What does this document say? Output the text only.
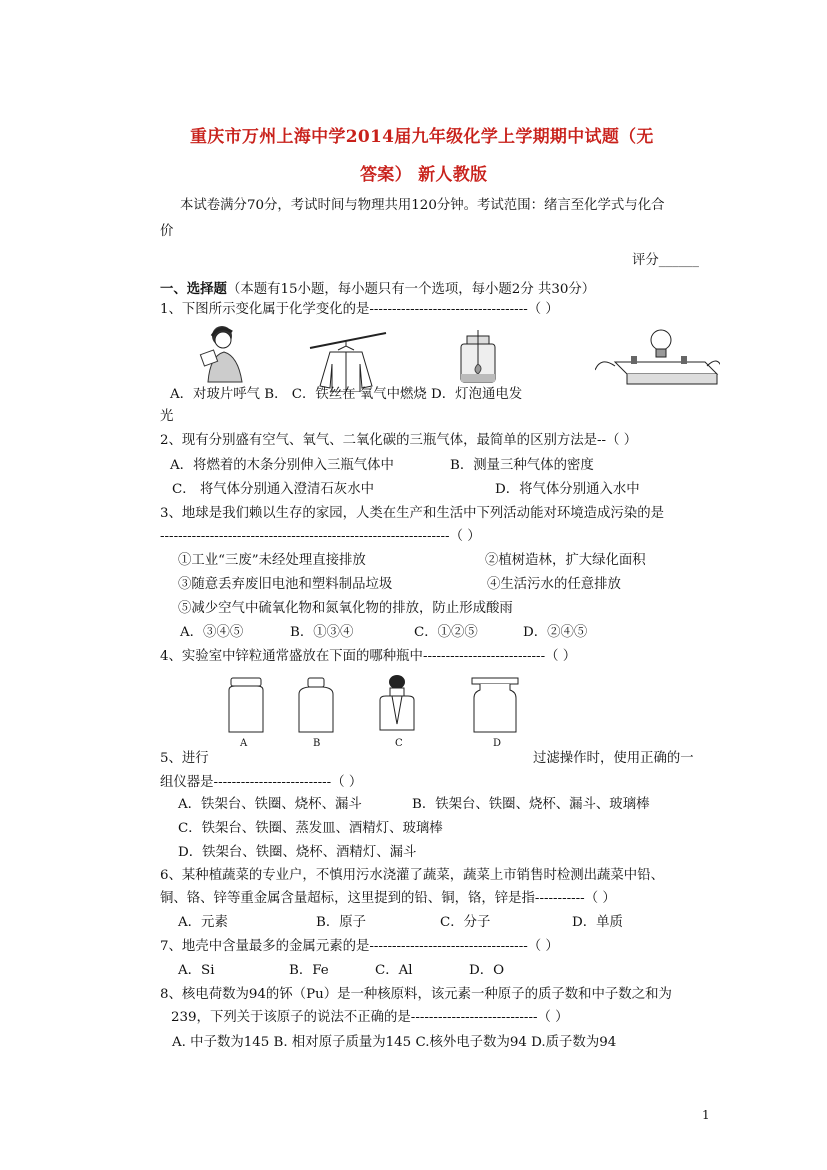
重庆市万州上海中学2014届九年级化学上学期期中试题（无
答案） 新人教版
本试卷满分70分，考试时间与物理共用120分钟。考试范围：绪言至化学式与化合
价
评分______
一、选择题（本题有15小题，每小题只有一个选项，每小题2分 共30分）
1、下图所示变化属于化学变化的是-----------------------------------（ ）
A．对玻片呼气 B． C．铁丝在 氧气中燃烧 D．灯泡通电发
光
2、现有分别盛有空气、氧气、二氧化碳的三瓶气体，最简单的区别方法是--（ ）
A．将燃着的木条分别伸入三瓶气体中	B．测量三种气体的密度
C． 将气体分别通入澄清石灰水中	D．将气体分别通入水中
3、地球是我们赖以生存的家园，人类在生产和生活中下列活动能对环境造成污染的是
----------------------------------------------------------------（ ）
①工业“三废”未经处理直接排放	②植树造林，扩大绿化面积
③随意丢弃废旧电池和塑料制品垃圾	④生活污水的任意排放
⑤减少空气中硫氧化物和氮氧化物的排放，防止形成酸雨
A．③④⑤	B．①③④	C．①②⑤	D．②④⑤
4、实验室中锌粒通常盛放在下面的哪种瓶中---------------------------（ ）
A	B	C	D
5、进行	过滤操作时，使用正确的一
组仪器是--------------------------（ ）
A．铁架台、铁圈、烧杯、漏斗	B．铁架台、铁圈、烧杯、漏斗、玻璃棒
C．铁架台、铁圈、蒸发皿、酒精灯、玻璃棒
D．铁架台、铁圈、烧杯、酒精灯、漏斗
6、某种植蔬菜的专业户，不慎用污水浇灌了蔬菜，蔬菜上市销售时检测出蔬菜中铅、
铜、铬、锌等重金属含量超标，这里提到的铅、铜，铬，锌是指-----------（ ）
A．元素	B．原子	C．分子	D．单质
7、地壳中含量最多的金属元素的是-----------------------------------（ ）
A．Si	B．Fe	C．Al	D．O
8、核电荷数为94的钚（Pu）是一种核原料，该元素一种原子的质子数和中子数之和为
239，下列关于该原子的说法不正确的是----------------------------（ ）
A. 中子数为145 B. 相对原子质量为145 C.核外电子数为94 D.质子数为94
1
